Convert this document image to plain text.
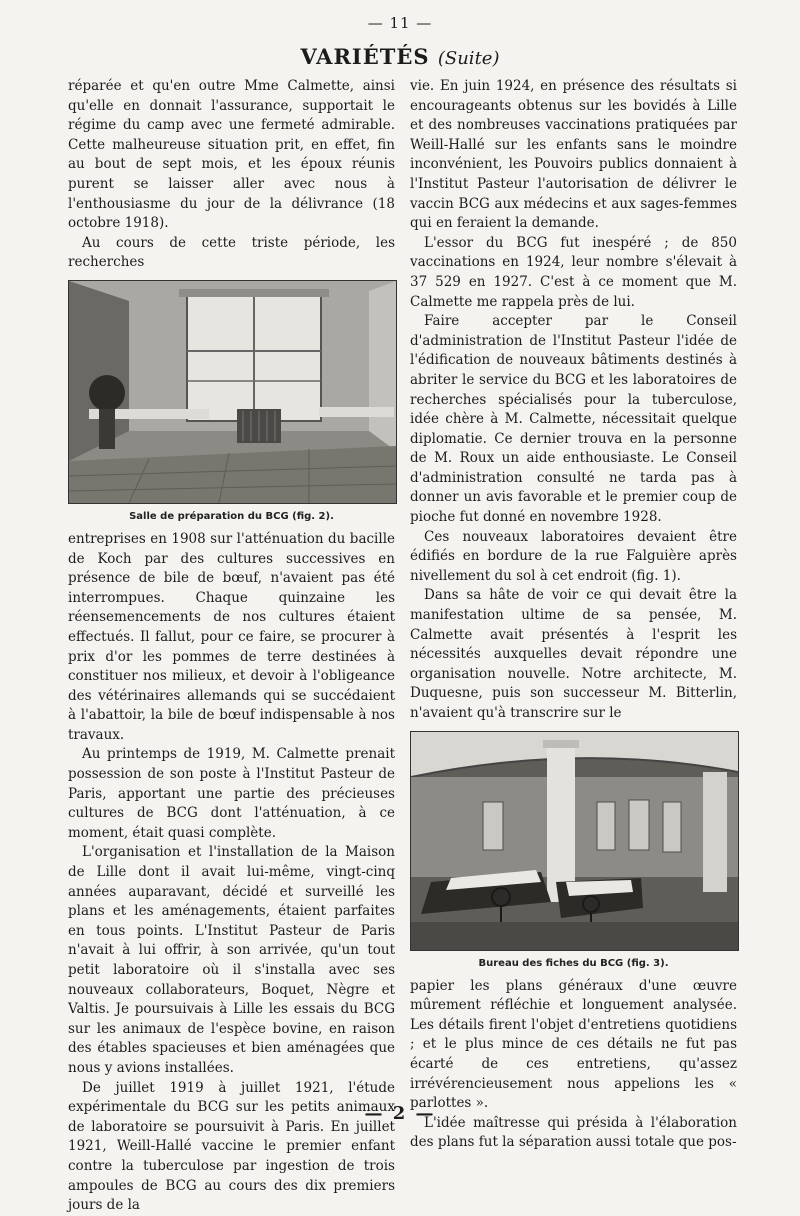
— 11 —
VARIÉTÉS (Suite)

réparée et qu'en outre Mme Calmette, ainsi qu'elle en donnait l'assurance, supportait le régime du camp avec une fermeté admirable. Cette malheureuse situation prit, en effet, fin au bout de sept mois, et les époux réunis purent se laisser aller avec nous à l'enthousiasme du jour de la délivrance (18 octobre 1918).

Au cours de cette triste période, les recherches

Salle de préparation du BCG (fig. 2).

entreprises en 1908 sur l'atténuation du bacille de Koch par des cultures successives en présence de bile de bœuf, n'avaient pas été interrompues. Chaque quinzaine les réensemencements de nos cultures étaient effectués. Il fallut, pour ce faire, se procurer à prix d'or les pommes de terre destinées à constituer nos milieux, et devoir à l'obligeance des vétérinaires allemands qui se succédaient à l'abattoir, la bile de bœuf indispensable à nos travaux.

Au printemps de 1919, M. Calmette prenait possession de son poste à l'Institut Pasteur de Paris, apportant une partie des précieuses cultures de BCG dont l'atténuation, à ce moment, était quasi complète.

L'organisation et l'installation de la Maison de Lille dont il avait lui-même, vingt-cinq années auparavant, décidé et surveillé les plans et les aménagements, étaient parfaites en tous points. L'Institut Pasteur de Paris n'avait à lui offrir, à son arrivée, qu'un tout petit laboratoire où il s'installa avec ses nouveaux collaborateurs, Boquet, Nègre et Valtis. Je poursuivais à Lille les essais du BCG sur les animaux de l'espèce bovine, en raison des étables spacieuses et bien aménagées que nous y avions installées.

De juillet 1919 à juillet 1921, l'étude expérimentale du BCG sur les petits animaux de laboratoire se poursuivit à Paris. En juillet 1921, Weill-Hallé vaccine le premier enfant contre la tuberculose par ingestion de trois ampoules de BCG au cours des dix premiers jours de la

vie. En juin 1924, en présence des résultats si encourageants obtenus sur les bovidés à Lille et des nombreuses vaccinations pratiquées par Weill-Hallé sur les enfants sans le moindre inconvénient, les Pouvoirs publics donnaient à l'Institut Pasteur l'autorisation de délivrer le vaccin BCG aux médecins et aux sages-femmes qui en feraient la demande.

L'essor du BCG fut inespéré ; de 850 vaccinations en 1924, leur nombre s'élevait à 37 529 en 1927. C'est à ce moment que M. Calmette me rappela près de lui.

Faire accepter par le Conseil d'administration de l'Institut Pasteur l'idée de l'édification de nouveaux bâtiments destinés à abriter le service du BCG et les laboratoires de recherches spécialisés pour la tuberculose, idée chère à M. Calmette, nécessitait quelque diplomatie. Ce dernier trouva en la personne de M. Roux un aide enthousiaste. Le Conseil d'administration consulté ne tarda pas à donner un avis favorable et le premier coup de pioche fut donné en novembre 1928.

Ces nouveaux laboratoires devaient être édifiés en bordure de la rue Falguière après nivellement du sol à cet endroit (fig. 1).

Dans sa hâte de voir ce qui devait être la manifestation ultime de sa pensée, M. Calmette avait présentés à l'esprit les nécessités auxquelles devait répondre une organisation nouvelle. Notre architecte, M. Duquesne, puis son successeur M. Bitterlin, n'avaient qu'à transcrire sur le

Bureau des fiches du BCG (fig. 3).

papier les plans généraux d'une œuvre mûrement réfléchie et longuement analysée. Les détails firent l'objet d'entretiens quotidiens ; et le plus mince de ces détails ne fut pas écarté de ces entretiens, qu'assez irrévérencieusement nous appelions les « parlottes ».

L'idée maîtresse qui présida à l'élaboration des plans fut la séparation aussi totale que pos-

— 2 —
